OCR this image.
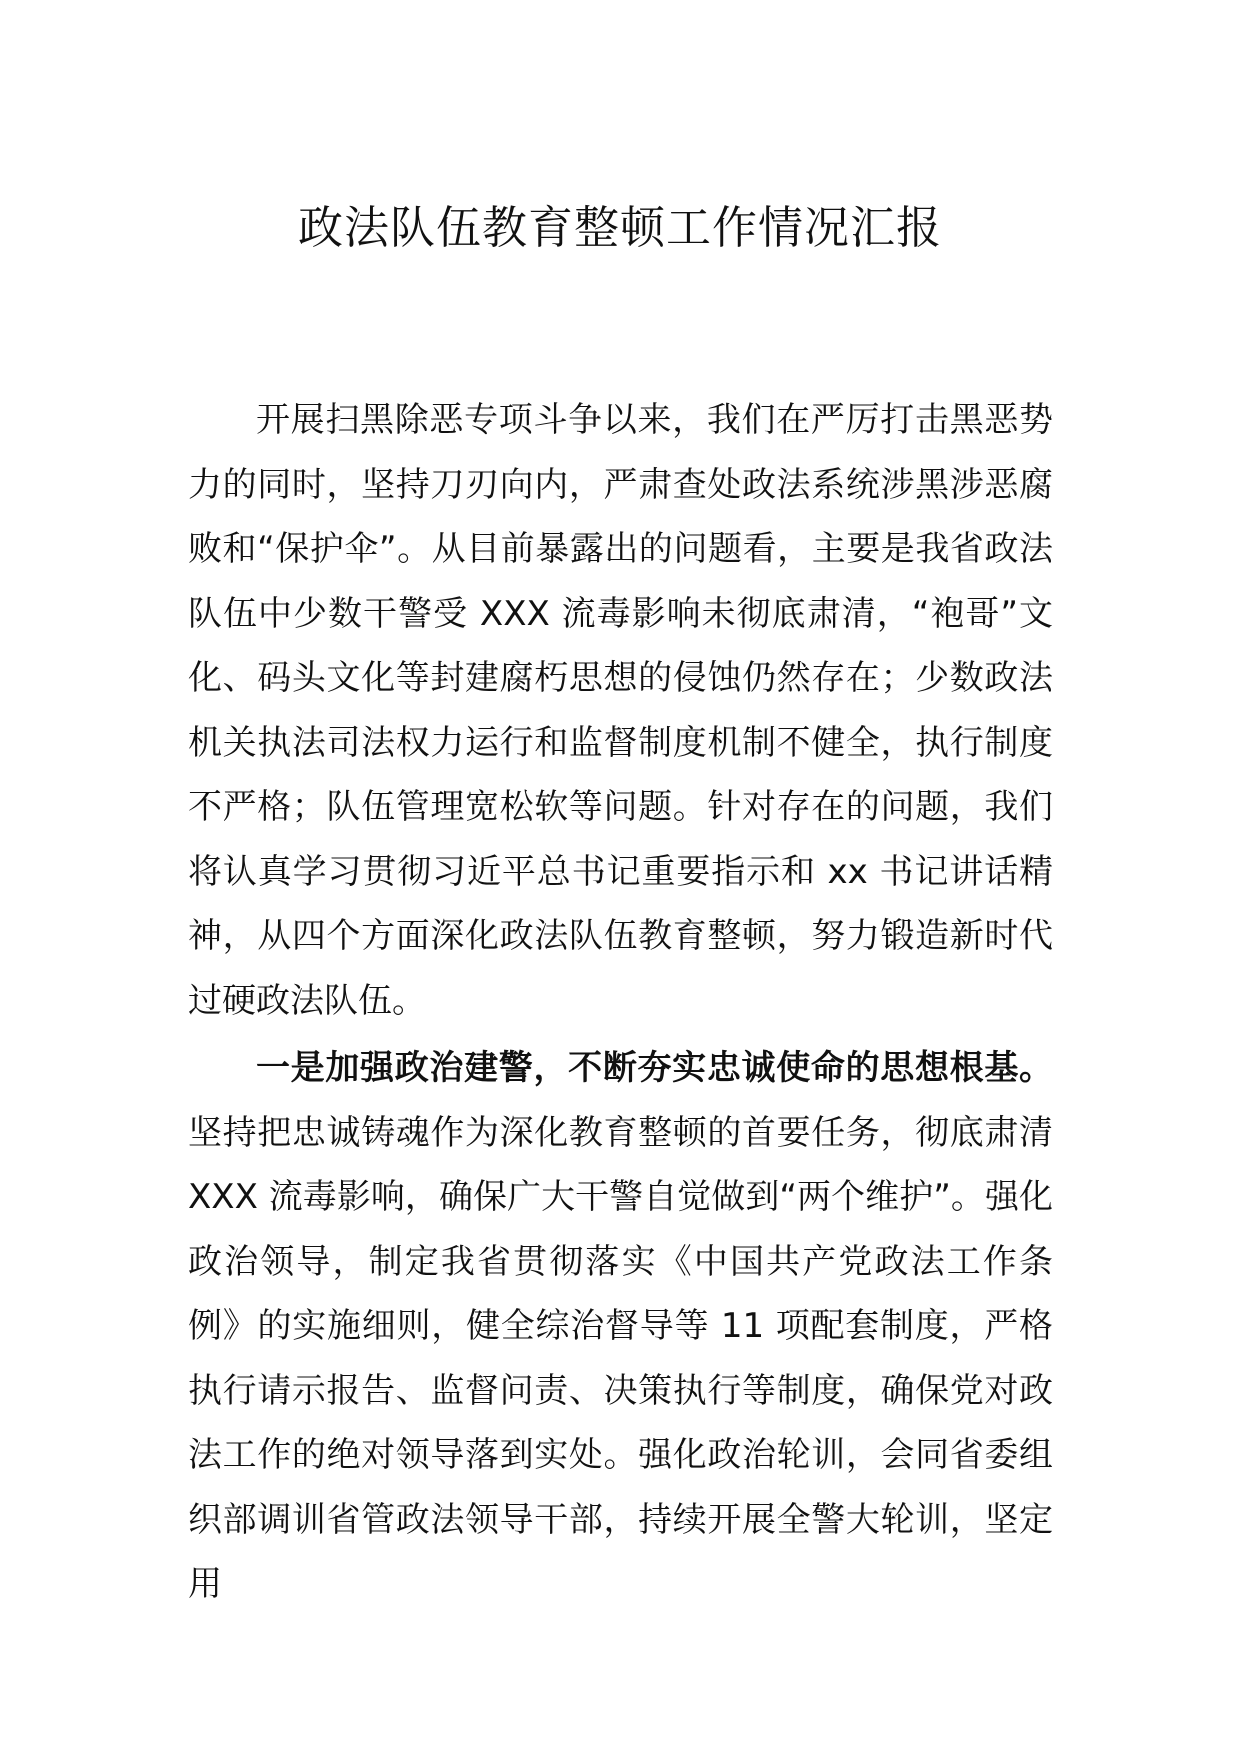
政法队伍教育整顿工作情况汇报

开展扫黑除恶专项斗争以来，我们在严厉打击黑恶势力的同时，坚持刀刃向内，严肃查处政法系统涉黑涉恶腐败和“保护伞”。从目前暴露出的问题看，主要是我省政法队伍中少数干警受 XXX 流毒影响未彻底肃清，“袍哥”文化、码头文化等封建腐朽思想的侵蚀仍然存在；少数政法机关执法司法权力运行和监督制度机制不健全，执行制度不严格；队伍管理宽松软等问题。针对存在的问题，我们将认真学习贯彻习近平总书记重要指示和 xx 书记讲话精神，从四个方面深化政法队伍教育整顿，努力锻造新时代过硬政法队伍。

一是加强政治建警，不断夯实忠诚使命的思想根基。坚持把忠诚铸魂作为深化教育整顿的首要任务，彻底肃清 XXX 流毒影响，确保广大干警自觉做到“两个维护”。强化政治领导，制定我省贯彻落实《中国共产党政法工作条例》的实施细则，健全综治督导等 11 项配套制度，严格执行请示报告、监督问责、决策执行等制度，确保党对政法工作的绝对领导落到实处。强化政治轮训，会同省委组织部调训省管政法领导干部，持续开展全警大轮训，坚定用
